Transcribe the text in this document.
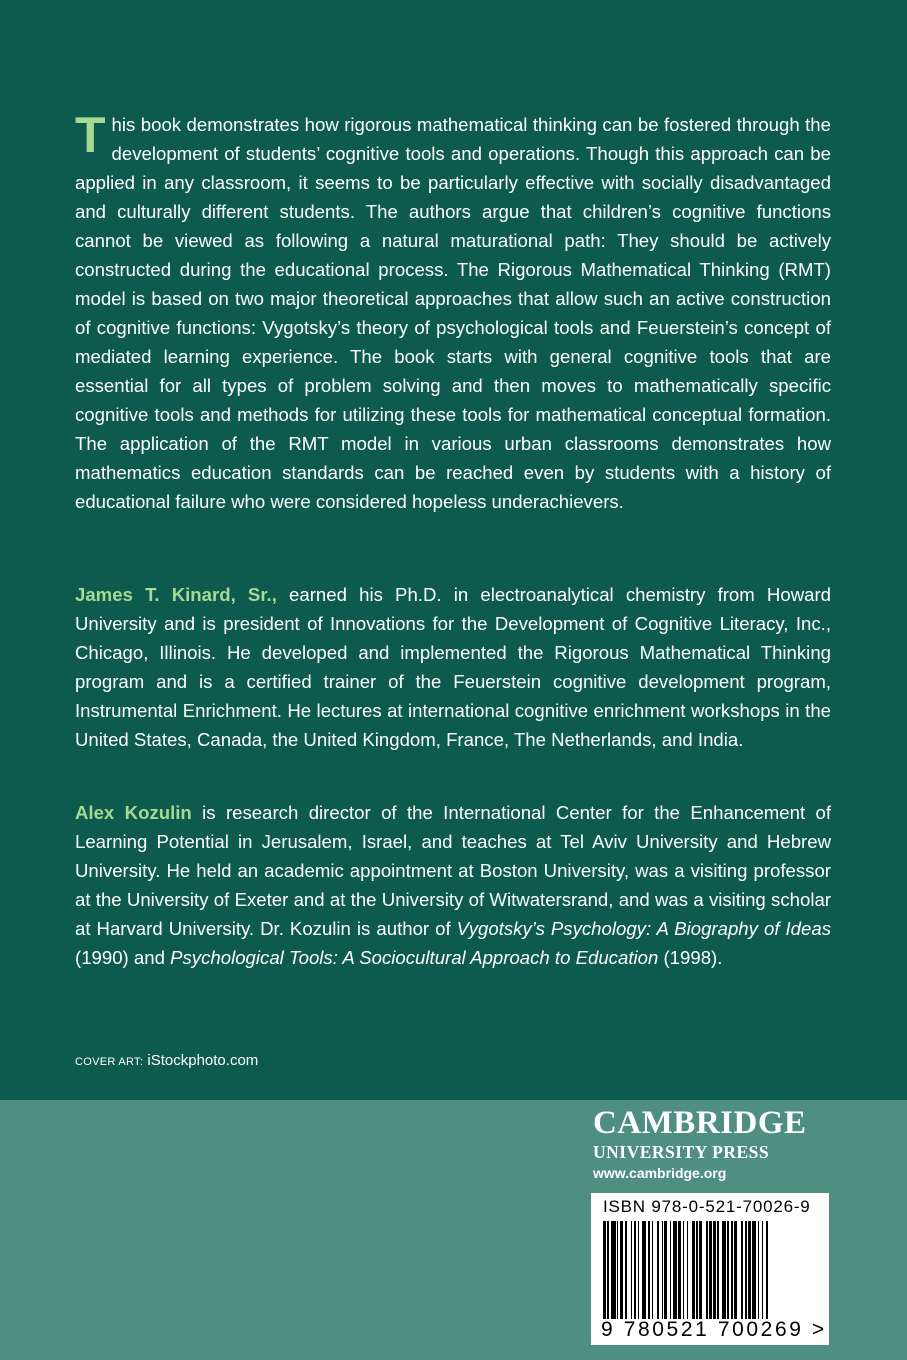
This book demonstrates how rigorous mathematical thinking can be fostered through the development of students’ cognitive tools and operations. Though this approach can be applied in any classroom, it seems to be particularly effective with socially disadvantaged and culturally different students. The authors argue that children’s cognitive functions cannot be viewed as following a natural maturational path: They should be actively constructed during the educational process. The Rigorous Mathematical Thinking (RMT) model is based on two major theoretical approaches that allow such an active construction of cognitive functions: Vygotsky’s theory of psychological tools and Feuerstein’s concept of mediated learning experience. The book starts with general cognitive tools that are essential for all types of problem solving and then moves to mathematically specific cognitive tools and methods for utilizing these tools for mathematical conceptual formation. The application of the RMT model in various urban classrooms demonstrates how mathematics education standards can be reached even by students with a history of educational failure who were considered hopeless underachievers.

James T. Kinard, Sr., earned his Ph.D. in electroanalytical chemistry from Howard University and is president of Innovations for the Development of Cognitive Literacy, Inc., Chicago, Illinois. He developed and implemented the Rigorous Mathematical Thinking program and is a certified trainer of the Feuerstein cognitive development program, Instrumental Enrichment. He lectures at international cognitive enrichment workshops in the United States, Canada, the United Kingdom, France, The Netherlands, and India.

Alex Kozulin is research director of the International Center for the Enhancement of Learning Potential in Jerusalem, Israel, and teaches at Tel Aviv University and Hebrew University. He held an academic appointment at Boston University, was a visiting professor at the University of Exeter and at the University of Witwatersrand, and was a visiting scholar at Harvard University. Dr. Kozulin is author of Vygotsky’s Psychology: A Biography of Ideas (1990) and Psychological Tools: A Sociocultural Approach to Education (1998).

COVER ART: iStockphoto.com
CAMBRIDGE
UNIVERSITY PRESS
www.cambridge.org
ISBN 978-0-521-70026-9
9 780521 700269 >
